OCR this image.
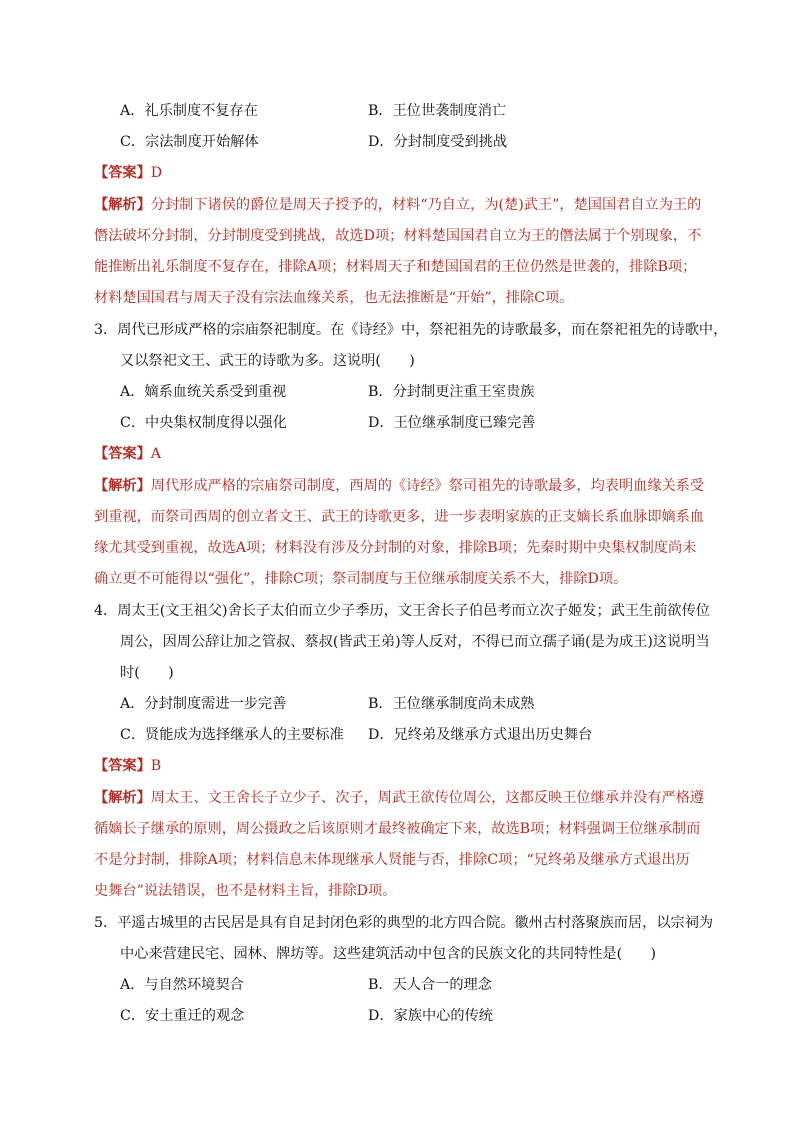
A．礼乐制度不复存在	B．王位世袭制度消亡
C．宗法制度开始解体	D．分封制度受到挑战
【答案】D
【解析】分封制下诸侯的爵位是周天子授予的，材料“乃自立，为(楚)武王”，楚国国君自立为王的
僭法破坏分封制，分封制度受到挑战，故选D项；材料楚国国君自立为王的僭法属于个别现象，不
能推断出礼乐制度不复存在，排除A项；材料周天子和楚国国君的王位仍然是世袭的，排除B项；
材料楚国国君与周天子没有宗法血缘关系，也无法推断是“开始”，排除C项。
3．周代已形成严格的宗庙祭祀制度。在《诗经》中，祭祀祖先的诗歌最多，而在祭祀祖先的诗歌中，
又以祭祀文王、武王的诗歌为多。这说明(　　)
A．嫡系血统关系受到重视	B．分封制更注重王室贵族
C．中央集权制度得以强化	D．王位继承制度已臻完善
【答案】A
【解析】周代形成严格的宗庙祭司制度，西周的《诗经》祭司祖先的诗歌最多，均表明血缘关系受
到重视，而祭司西周的创立者文王、武王的诗歌更多，进一步表明家族的正支嫡长系血脉即嫡系血
缘尤其受到重视，故选A项；材料没有涉及分封制的对象，排除B项；先秦时期中央集权制度尚未
确立更不可能得以“强化”，排除C项；祭司制度与王位继承制度关系不大，排除D项。
4．周太王(文王祖父)舍长子太伯而立少子季历，文王舍长子伯邑考而立次子姬发；武王生前欲传位
周公，因周公辞让加之管叔、蔡叔(皆武王弟)等人反对，不得已而立孺子诵(是为成王)这说明当
时(　　)
A．分封制度需进一步完善	B．王位继承制度尚未成熟
C．贤能成为选择继承人的主要标准 D．兄终弟及继承方式退出历史舞台
【答案】B
【解析】周太王、文王舍长子立少子、次子，周武王欲传位周公，这都反映王位继承并没有严格遵
循嫡长子继承的原则，周公摄政之后该原则才最终被确定下来，故选B项；材料强调王位继承制而
不是分封制，排除A项；材料信息未体现继承人贤能与否，排除C项；“兄终弟及继承方式退出历
史舞台”说法错误，也不是材料主旨，排除D项。
5．平遥古城里的古民居是具有自足封闭色彩的典型的北方四合院。徽州古村落聚族而居，以宗祠为
中心来营建民宅、园林、牌坊等。这些建筑活动中包含的民族文化的共同特性是(　　)
A．与自然环境契合	B．天人合一的理念
C．安土重迁的观念	D．家族中心的传统
